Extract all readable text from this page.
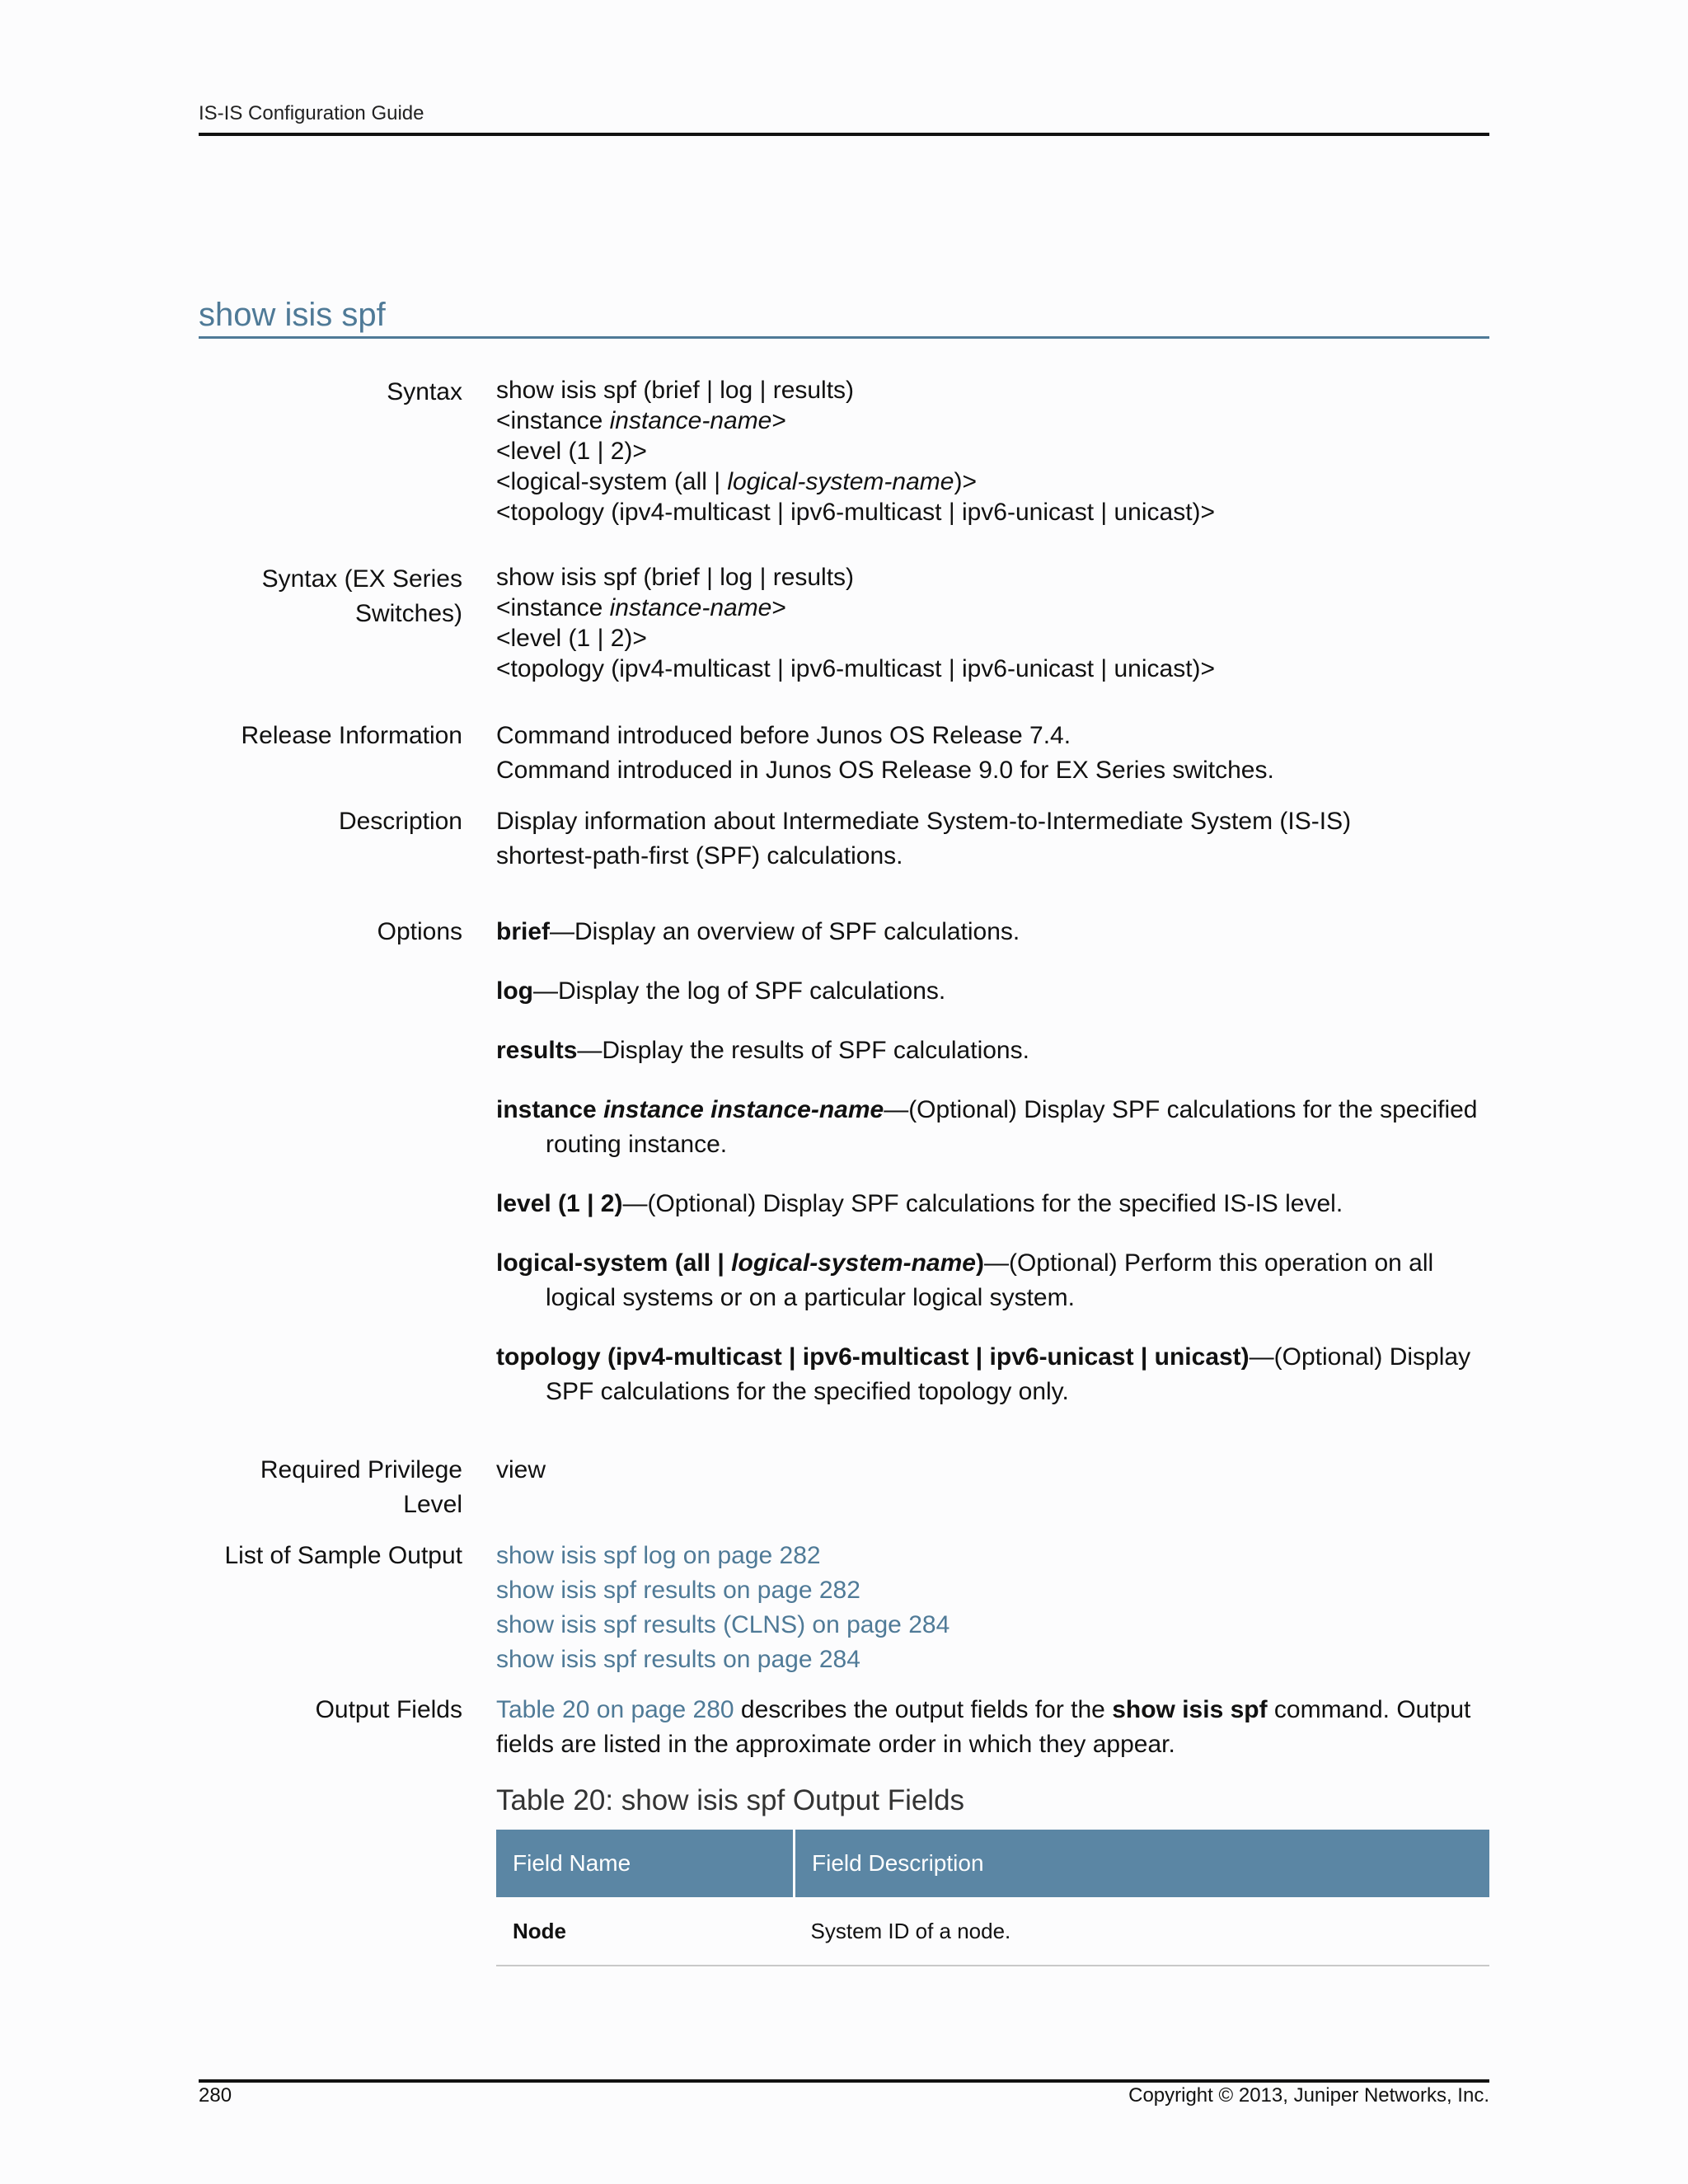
IS-IS Configuration Guide
show isis spf
Syntax show isis spf (brief | log | results)
<instance instance-name>
<level (1 | 2)>
<logical-system (all | logical-system-name)>
<topology (ipv4-multicast | ipv6-multicast | ipv6-unicast | unicast)>
Syntax (EX Series
Switches)
show isis spf (brief | log | results)
<instance instance-name>
<level (1 | 2)>
<topology (ipv4-multicast | ipv6-multicast | ipv6-unicast | unicast)>
Release Information Command introduced before Junos OS Release 7.4.
Command introduced in Junos OS Release 9.0 for EX Series switches.
Description Display information about Intermediate System-to-Intermediate System (IS-IS)
shortest-path-first (SPF) calculations.
Options brief—Display an overview of SPF calculations.
log—Display the log of SPF calculations.
results—Display the results of SPF calculations.
instance instance instance-name—(Optional) Display SPF calculations for the specified routing instance.
level (1 | 2)—(Optional) Display SPF calculations for the specified IS-IS level.
logical-system (all | logical-system-name)—(Optional) Perform this operation on all logical systems or on a particular logical system.
topology (ipv4-multicast | ipv6-multicast | ipv6-unicast | unicast)—(Optional) Display SPF calculations for the specified topology only.
Required Privilege
Level
view
List of Sample Output show isis spf log on page 282
show isis spf results on page 282
show isis spf results (CLNS) on page 284
show isis spf results on page 284
Output Fields Table 20 on page 280 describes the output fields for the show isis spf command. Output fields are listed in the approximate order in which they appear.
Table 20: show isis spf Output Fields
Field Name	Field Description
Node	System ID of a node.
280	Copyright © 2013, Juniper Networks, Inc.
